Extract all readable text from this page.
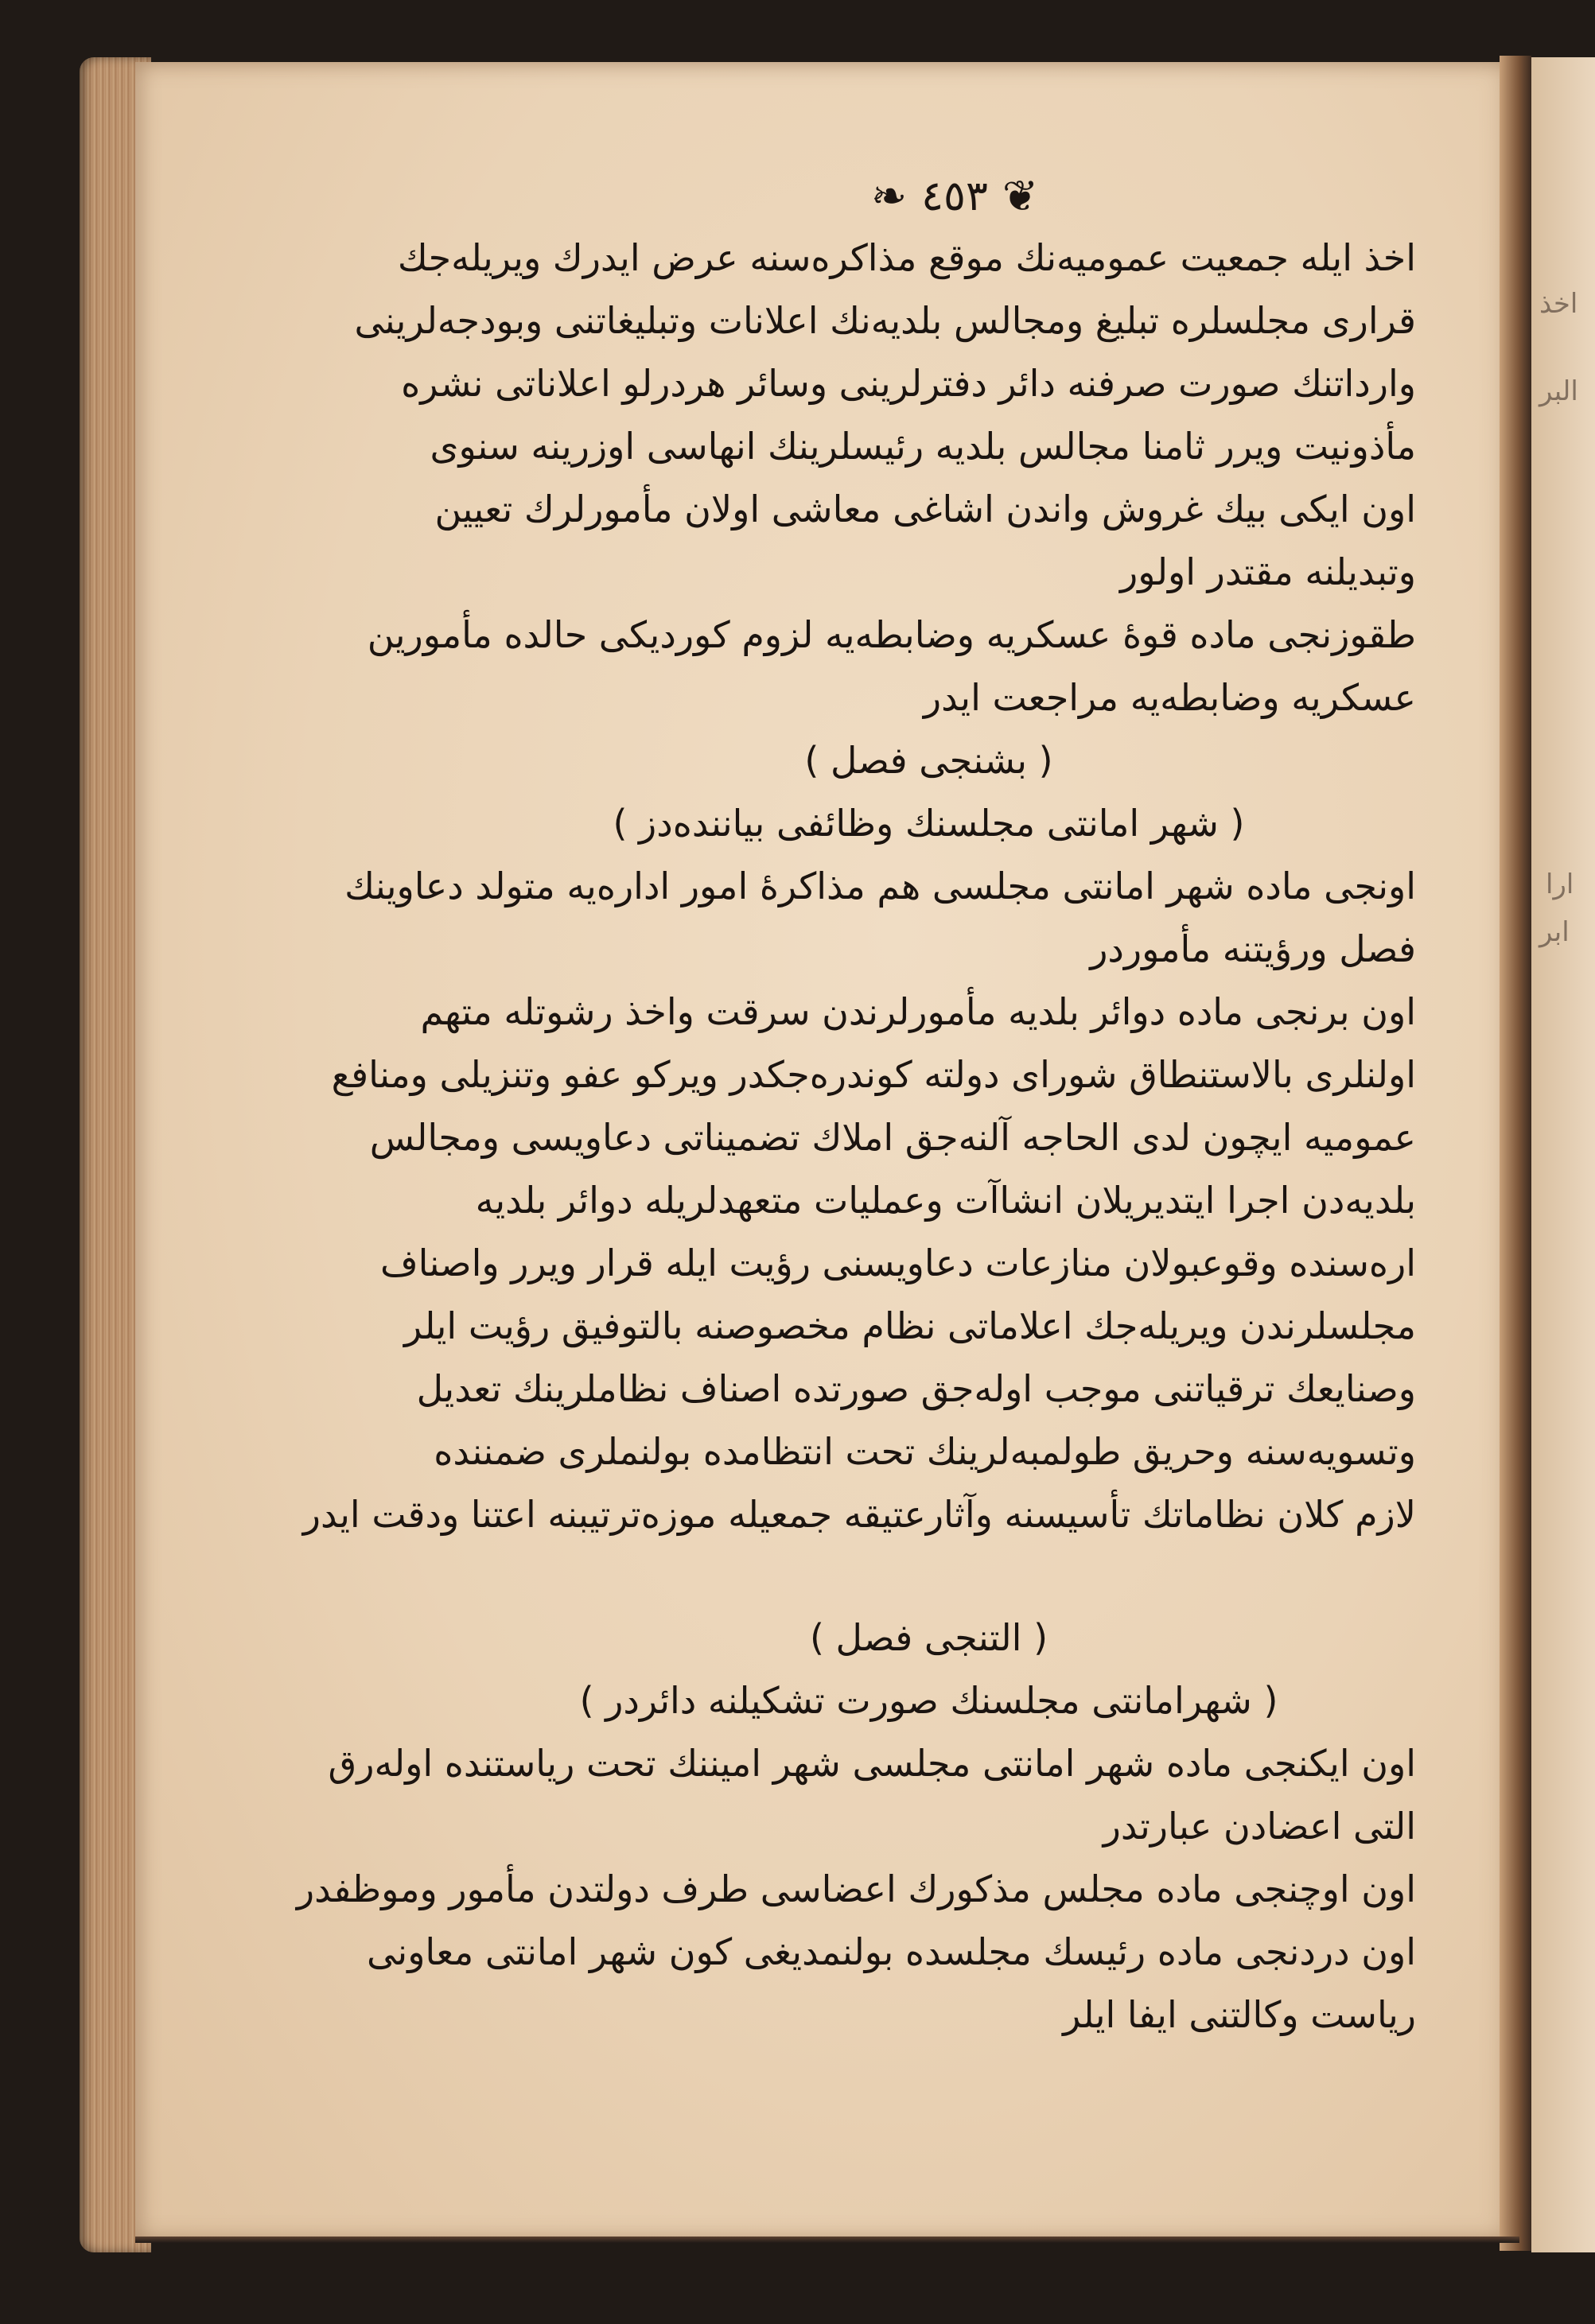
اخذ
البر
ارا
ابر
❧ ٤٥٣ ❦
اخذ ایله جمعیت عمومیه‌نك موقع مذاکره‌سنه عرض ایدرك ویریله‌جك
قراری مجلسلره تبلیغ ومجالس بلدیه‌نك اعلانات وتبلیغاتنی وبودجه‌لرینی
وارداتنك صورت صرفنه دائر دفترلرینی وسائر هردرلو اعلاناتی نشره
مأذونیت ویرر ثامنا مجالس بلدیه رئیسلرینك انهاسی اوزرینه سنوی
اون ایکی بیك غروش واندن اشاغی معاشی اولان مأمورلرك تعیین
وتبدیلنه مقتدر اولور
طقوزنجی ماده قوهٔ عسکریه وضابطه‌یه لزوم کوردیکی حالده مأمورین
عسکریه وضابطه‌یه مراجعت ایدر
( بشنجی فصل )
( شهر امانتی مجلسنك وظائفی بیاننده‌دز )
اونجی ماده شهر امانتی مجلسی هم مذاکرهٔ امور اداره‌یه متولد دعاوینك
فصل ورؤیتنه مأموردر
اون برنجی ماده دوائر بلدیه مأمورلرندن سرقت واخذ رشوتله متهم
اولنلری بالاستنطاق شورای دولته کوندره‌جکدر ویرکو عفو وتنزیلی ومنافع
عمومیه ایچون لدی الحاجه آلنه‌جق املاك تضمیناتی دعاویسی ومجالس
بلدیه‌دن اجرا ایتدیریلان انشاآت وعملیات متعهدلریله دوائر بلدیه
اره‌سنده وقوعبولان منازعات دعاویسنی رؤیت ایله قرار ویرر واصناف
مجلسلرندن ویریله‌جك اعلاماتی نظام مخصوصنه بالتوفیق رؤیت ایلر
وصنایعك ترقیاتنی موجب اوله‌جق صورتده اصناف نظاملرینك تعدیل
وتسویه‌سنه وحریق طولمبه‌لرینك تحت انتظامده بولنملری ضمننده
لازم کلان نظاماتك تأسیسنه وآثارعتیقه جمعیله موزه‌ترتیبنه اعتنا ودقت ایدر
( التنجی فصل )
( شهرامانتی مجلسنك صورت تشکیلنه دائردر )
اون ایکنجی ماده شهر امانتی مجلسی شهر امیننك تحت ریاستنده اوله‌رق
التی اعضادن عبارتدر
اون اوچنجی ماده مجلس مذکورك اعضاسی طرف دولتدن مأمور وموظفدر
اون دردنجی ماده رئیسك مجلسده بولنمدیغی کون شهر امانتی معاونی
ریاست وکالتنی ایفا ایلر
